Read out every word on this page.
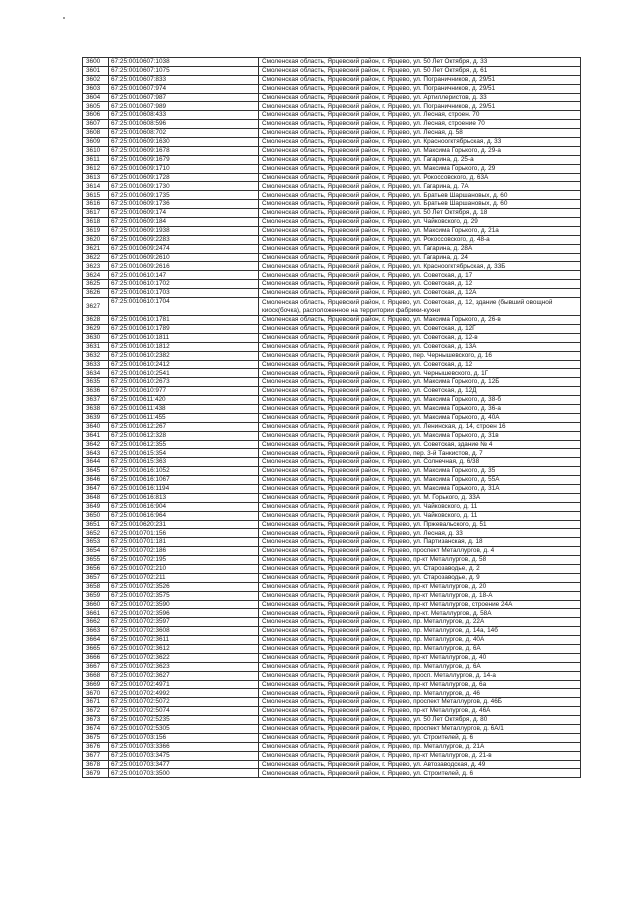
3600	67:25:0010607:1038	Смоленская область, Ярцевский район, г. Ярцево, ул. 50 Лет Октября, д. 33
3601	67:25:0010607:1075	Смоленская область, Ярцевский район, г. Ярцево, ул. 50 Лет Октября, д. 61
3602	67:25:0010607:833	Смоленская область, Ярцевский район, г. Ярцево, ул. Пограничников, д. 29/51
3603	67:25:0010607:974	Смоленская область, Ярцевский район, г. Ярцево, ул. Пограничников, д. 29/51
3604	67:25:0010607:987	Смоленская область, Ярцевский район, г. Ярцево, ул. Артиллеристов, д. 33
3605	67:25:0010607:989	Смоленская область, Ярцевский район, г. Ярцево, ул. Пограничников, д. 29/51
3606	67:25:0010608:433	Смоленская область, Ярцевский район, г. Ярцево, ул. Лесная, строен. 70
3607	67:25:0010608:596	Смоленская область, Ярцевский район, г. Ярцево, ул. Лесная, строение 70
3608	67:25:0010608:702	Смоленская область, Ярцевский район, г. Ярцево, ул. Лесная, д. 58
3609	67:25:0010609:1630	Смоленская область, Ярцевский район, г. Ярцево, ул. Красноогктябрьская, д. 33
3610	67:25:0010609:1678	Смоленская область, Ярцевский район, г. Ярцево, ул. Максима Горького, д. 29-а
3611	67:25:0010609:1679	Смоленская область, Ярцевский район, г. Ярцево, ул. Гагарина, д. 25-а
3612	67:25:0010609:1710	Смоленская область, Ярцевский район, г. Ярцево, ул. Максима Горького, д. 29
3613	67:25:0010609:1728	Смоленская область, Ярцевский район, г. Ярцево, ул. Рокоссовского, д. 63А
3614	67:25:0010609:1730	Смоленская область, Ярцевский район, г. Ярцево, ул. Гагарина, д. 7А
3615	67:25:0010609:1735	Смоленская область, Ярцевский район, г. Ярцево, ул. Братьев Шаршановых, д. 60
3616	67:25:0010609:1736	Смоленская область, Ярцевский район, г. Ярцево, ул. Братьев Шаршановых, д. 60
3617	67:25:0010609:174	Смоленская область, Ярцевский район, г. Ярцево, ул. 50 Лет Октября, д. 18
3618	67:25:0010609:184	Смоленская область, Ярцевский район, г. Ярцево, ул. Чайковского, д. 29
3619	67:25:0010609:1938	Смоленская область, Ярцевский район, г. Ярцево, ул. Максима Горького, д. 21а
3620	67:25:0010609:2283	Смоленская область, Ярцевский район, г. Ярцево, ул. Рокоссовского, д. 48-а
3621	67:25:0010609:2474	Смоленская область, Ярцевский район, г. Ярцево, ул. Гагарина, д. 28А
3622	67:25:0010609:2610	Смоленская область, Ярцевский район, г. Ярцево, ул. Гагарина, д. 24
3623	67:25:0010609:2616	Смоленская область, Ярцевский район, г. Ярцево, ул. Красноогктябрьская, д. 33Б
3624	67:25:0010610:147	Смоленская область, Ярцевский район, г. Ярцево, ул. Советская, д. 17
3625	67:25:0010610:1702	Смоленская область, Ярцевский район, г. Ярцево, ул. Советская, д. 12
3626	67:25:0010610:1703	Смоленская область, Ярцевский район, г. Ярцево, ул. Советская, д. 12А
3627	67:25:0010610:1704	Смоленская область, Ярцевский район, г. Ярцево, ул. Советская, д. 12, здание (бывший овощной киоск(бочка), расположенное на территории фабрики-кухни
3628	67:25:0010610:1781	Смоленская область, Ярцевский район, г. Ярцево, ул. Максима Горького, д. 26-в
3629	67:25:0010610:1789	Смоленская область, Ярцевский район, г. Ярцево, ул. Советская, д. 12Г
3630	67:25:0010610:1811	Смоленская область, Ярцевский район, г. Ярцево, ул. Советская, д. 12-в
3631	67:25:0010610:1812	Смоленская область, Ярцевский район, г. Ярцево, ул. Советская, д. 13А
3632	67:25:0010610:2382	Смоленская область, Ярцевский район, г. Ярцево, пер. Чернышевского, д. 16
3633	67:25:0010610:2412	Смоленская область, Ярцевский район, г. Ярцево, ул. Советская, д. 12
3634	67:25:0010610:2541	Смоленская область, Ярцевский район, г. Ярцево, ул. Чернышевского, д. 1Г
3635	67:25:0010610:2673	Смоленская область, Ярцевский район, г. Ярцево, ул. Максима Горького, д. 12Б
3636	67:25:0010610:977	Смоленская область, Ярцевский район, г. Ярцево, ул. Советская, д. 12Д
3637	67:25:0010611:420	Смоленская область, Ярцевский район, г. Ярцево, ул. Максима Горького, д. 38-б
3638	67:25:0010611:438	Смоленская область, Ярцевский район, г. Ярцево, ул. Максима Горького, д. 36-а
3639	67:25:0010611:455	Смоленская область, Ярцевский район, г. Ярцево, ул. Максима Горького, д. 40А
3640	67:25:0010612:267	Смоленская область, Ярцевский район, г. Ярцево, ул. Ленинская, д. 14, строен 16
3641	67:25:0010612:328	Смоленская область, Ярцевский район, г. Ярцево, ул. Максима Горького, д. 31в
3642	67:25:0010612:355	Смоленская область, Ярцевский район, г. Ярцево, ул. Советская, здание № 4
3643	67:25:0010615:354	Смоленская область, Ярцевский район, г. Ярцево, пер. 3-й Танкистов, д. 7
3644	67:25:0010615:363	Смоленская область, Ярцевский район, г. Ярцево, ул. Солнечная, д. 6/38
3645	67:25:0010616:1052	Смоленская область, Ярцевский район, г. Ярцево, ул. Максима Горького, д. 35
3646	67:25:0010616:1067	Смоленская область, Ярцевский район, г. Ярцево, ул. Максима Горького, д. 55А
3647	67:25:0010616:1194	Смоленская область, Ярцевский район, г. Ярцево, ул. Максима Горького, д. 31А
3648	67:25:0010616:813	Смоленская область, Ярцевский район, г. Ярцево, ул. М. Горького, д. 33А
3649	67:25:0010616:904	Смоленская область, Ярцевский район, г. Ярцево, ул. Чайковского, д. 11
3650	67:25:0010616:964	Смоленская область, Ярцевский район, г. Ярцево, ул. Чайковского, д. 11
3651	67:25:0010620:231	Смоленская область, Ярцевский район, г. Ярцево, ул. Пржевальского, д. 51
3652	67:25:0010701:156	Смоленская область, Ярцевский район, г. Ярцево, ул. Лесная, д. 33
3653	67:25:0010701:181	Смоленская область, Ярцевский район, г. Ярцево, ул. Партизанская, д. 18
3654	67:25:0010702:186	Смоленская область, Ярцевский район, г. Ярцево, проспект Металлургов, д. 4
3655	67:25:0010702:195	Смоленская область, Ярцевский район, г. Ярцево, пр-кт Металлургов, д. 58
3656	67:25:0010702:210	Смоленская область, Ярцевский район, г. Ярцево, ул. Старозаводье, д. 2
3657	67:25:0010702:211	Смоленская область, Ярцевский район, г. Ярцево, ул. Старозаводье, д. 9
3658	67:25:0010702:3526	Смоленская область, Ярцевский район, г. Ярцево, пр-кт Металлургов, д. 20
3659	67:25:0010702:3575	Смоленская область, Ярцевский район, г. Ярцево, пр-кт Металлургов, д. 18-А
3660	67:25:0010702:3590	Смоленская область, Ярцевский район, г. Ярцево, пр-кт Металлургов, строение 24А
3661	67:25:0010702:3596	Смоленская область, Ярцевский район, г. Ярцево, пр-кт. Металлургов, д. 58А
3662	67:25:0010702:3597	Смоленская область, Ярцевский район, г. Ярцево, пр. Металлургов, д. 22А
3663	67:25:0010702:3608	Смоленская область, Ярцевский район, г. Ярцево, пр. Металлургов, д. 14а, 14б
3664	67:25:0010702:3611	Смоленская область, Ярцевский район, г. Ярцево, пр. Металлургов, д. 40А
3665	67:25:0010702:3612	Смоленская область, Ярцевский район, г. Ярцево, пр. Металлургов, д. 6А
3666	67:25:0010702:3622	Смоленская область, Ярцевский район, г. Ярцево, пр-кт Металлургов, д. 40
3667	67:25:0010702:3623	Смоленская область, Ярцевский район, г. Ярцево, пр. Металлургов, д. 6А
3668	67:25:0010702:3627	Смоленская область, Ярцевский район, г. Ярцево, просп. Металлургов, д. 14-а
3669	67:25:0010702:4971	Смоленская область, Ярцевский район, г. Ярцево, пр-кт Металлургов, д. 6а
3670	67:25:0010702:4992	Смоленская область, Ярцевский район, г. Ярцево, пр. Металлургов, д. 46
3671	67:25:0010702:5072	Смоленская область, Ярцевский район, г. Ярцево, проспект Металлургов, д. 46Б
3672	67:25:0010702:5074	Смоленская область, Ярцевский район, г. Ярцево, пр-кт Металлургов, д. 46А
3673	67:25:0010702:5235	Смоленская область, Ярцевский район, г. Ярцево, ул. 50 Лет Октября, д. 80
3674	67:25:0010702:5305	Смоленская область, Ярцевский район, г. Ярцево, проспект Металлургов, д. 6А/1
3675	67:25:0010703:156	Смоленская область, Ярцевский район, г. Ярцево, ул. Строителей, д. 6
3676	67:25:0010703:3366	Смоленская область, Ярцевский район, г. Ярцево, пр. Металлургов, д. 21А
3677	67:25:0010703:3475	Смоленская область, Ярцевский район, г. Ярцево, пр-кт Металлургов, д. 21-в
3678	67:25:0010703:3477	Смоленская область, Ярцевский район, г. Ярцево, ул. Автозаводская, д. 49
3679	67:25:0010703:3500	Смоленская область, Ярцевский район, г. Ярцево, ул. Строителей, д. 6
